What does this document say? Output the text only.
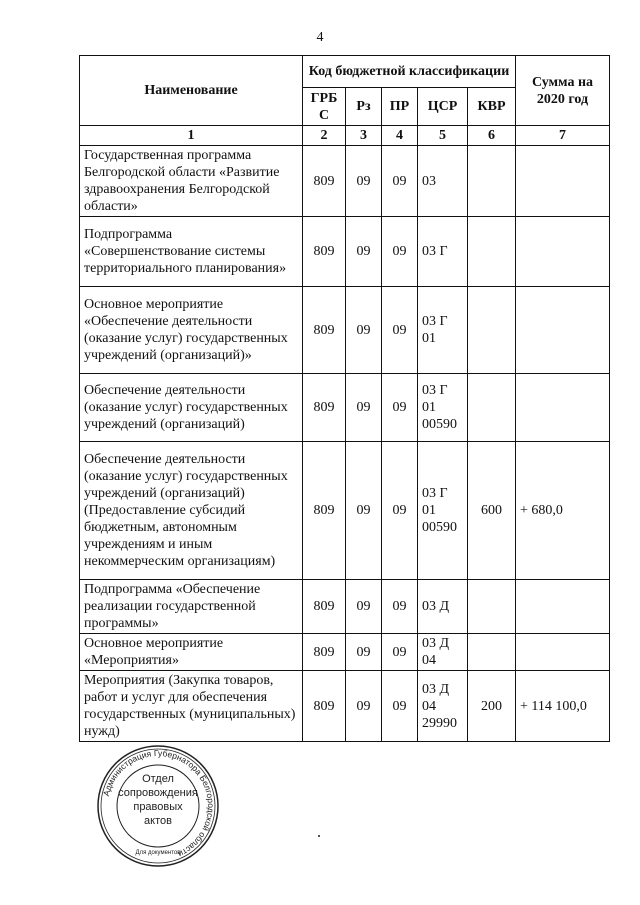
4
Наименование	Код бюджетной классификации					Сумма на 2020 год
	ГРБ С	Рз	ПР	ЦСР	КВР	
1	2	3	4	5	6	7
Государственная программа Белгородской области «Развитие здравоохранения Белгородской области»	809	09	09	03		
Подпрограмма «Совершенствование системы территориального планирования»	809	09	09	03 Г		
Основное мероприятие «Обеспечение деятельности (оказание услуг) государственных учреждений (организаций)»	809	09	09	03 Г 01		
Обеспечение деятельности (оказание услуг) государственных учреждений (организаций)	809	09	09	03 Г 01 00590		
Обеспечение деятельности (оказание услуг) государственных учреждений (организаций) (Предоставление субсидий бюджетным, автономным учреждениям и иным некоммерческим организациям)	809	09	09	03 Г 01 00590	600	+ 680,0
Подпрограмма «Обеспечение реализации государственной программы»	809	09	09	03 Д		
Основное мероприятие «Мероприятия»	809	09	09	03 Д 04		
Мероприятия (Закупка товаров, работ и услуг для обеспечения государственных (муниципальных) нужд)	809	09	09	03 Д 04 29990	200	+ 114 100,0
Администрация Губернатора Белгородской области
Для документов
Отдел
сопровождения
правовых
актов
